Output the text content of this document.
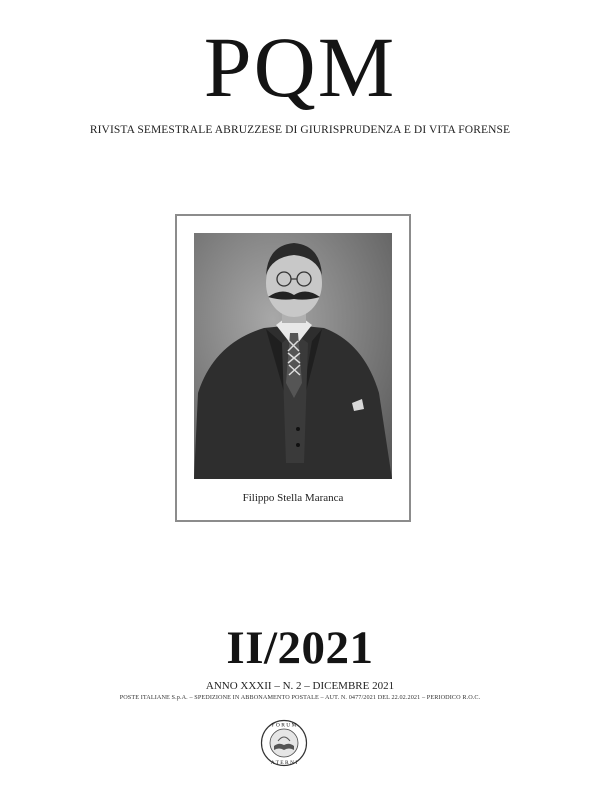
PQM
RIVISTA SEMESTRALE ABRUZZESE DI GIURISPRUDENZA E DI VITA FORENSE
Filippo Stella Maranca
II/2021
ANNO XXXII – N. 2 – DICEMBRE 2021
POSTE ITALIANE S.p.A. – SPEDIZIONE IN ABBONAMENTO POSTALE – AUT. N. 0477/2021 DEL 22.02.2021 – PERIODICO R.O.C.
F O R U M
A T E R N I
